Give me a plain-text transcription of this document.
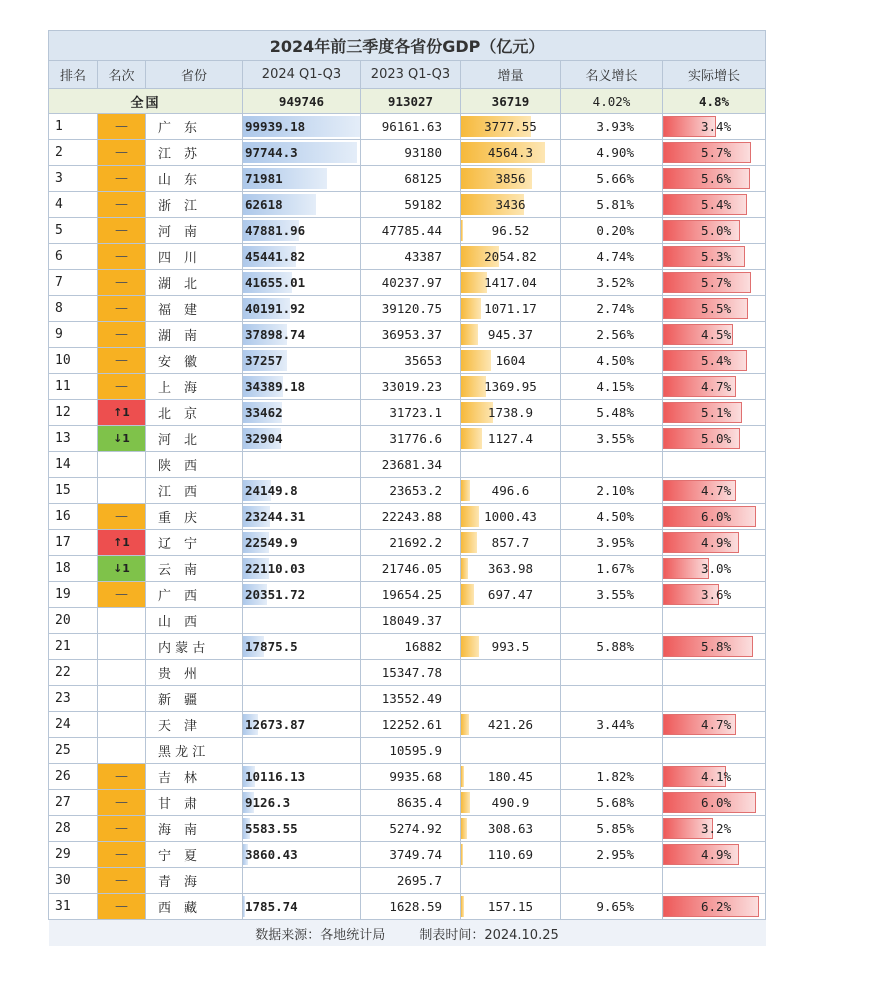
2024年前三季度各省份GDP（亿元）							
排名	名次	省份	2024 Q1-Q3	2023 Q1-Q3	增量	名义增长	实际增长
全国			949746	913027	36719	4.02%	4.8%
1	—	广　东	99939.18	96161.63	3777.55	3.93%	3.4%
2	—	江　苏	97744.3	93180	4564.3	4.90%	5.7%
3	—	山　东	71981	68125	3856	5.66%	5.6%
4	—	浙　江	62618	59182	3436	5.81%	5.4%
5	—	河　南	47881.96	47785.44	96.52	0.20%	5.0%
6	—	四　川	45441.82	43387	2054.82	4.74%	5.3%
7	—	湖　北	41655.01	40237.97	1417.04	3.52%	5.7%
8	—	福　建	40191.92	39120.75	1071.17	2.74%	5.5%
9	—	湖　南	37898.74	36953.37	945.37	2.56%	4.5%
10	—	安　徽	37257	35653	1604	4.50%	5.4%
11	—	上　海	34389.18	33019.23	1369.95	4.15%	4.7%
12	↑1	北　京	33462	31723.1	1738.9	5.48%	5.1%
13	↓1	河　北	32904	31776.6	1127.4	3.55%	5.0%
14		陕　西		23681.34			
15		江　西	24149.8	23653.2	496.6	2.10%	4.7%
16	—	重　庆	23244.31	22243.88	1000.43	4.50%	6.0%
17	↑1	辽　宁	22549.9	21692.2	857.7	3.95%	4.9%
18	↓1	云　南	22110.03	21746.05	363.98	1.67%	3.0%
19	—	广　西	20351.72	19654.25	697.47	3.55%	3.6%
20		山　西		18049.37			
21		内 蒙 古	17875.5	16882	993.5	5.88%	5.8%
22		贵　州		15347.78			
23		新　疆		13552.49			
24		天　津	12673.87	12252.61	421.26	3.44%	4.7%
25		黑 龙 江		10595.9			
26	—	吉　林	10116.13	9935.68	180.45	1.82%	4.1%
27	—	甘　肃	9126.3	8635.4	490.9	5.68%	6.0%
28	—	海　南	5583.55	5274.92	308.63	5.85%	3.2%
29	—	宁　夏	3860.43	3749.74	110.69	2.95%	4.9%
30	—	青　海		2695.7			
31	—	西　藏	1785.74	1628.59	157.15	9.65%	6.2%
数据来源：各地统计局 制表时间：2024.10.25							
